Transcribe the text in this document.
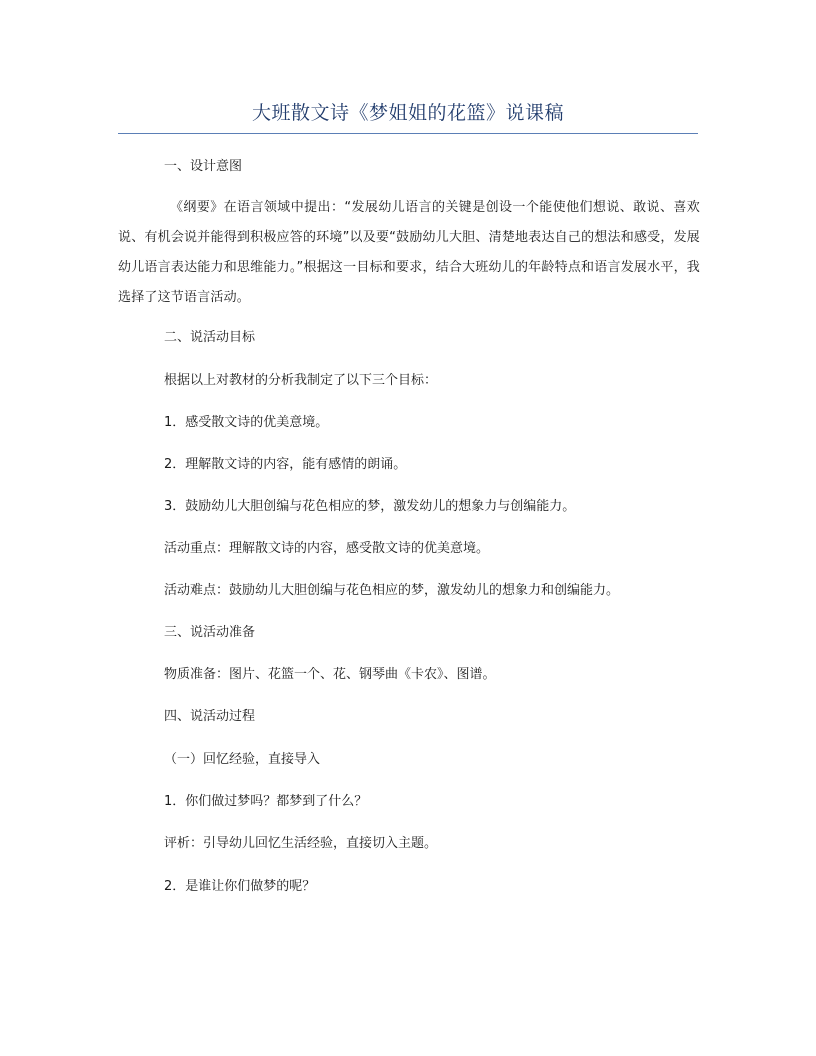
大班散文诗《梦姐姐的花篮》说课稿

一、设计意图

《纲要》在语言领域中提出：“发展幼儿语言的关键是创设一个能使他们想说、敢说、喜欢说、有机会说并能得到积极应答的环境”以及要“鼓励幼儿大胆、清楚地表达自己的想法和感受，发展幼儿语言表达能力和思维能力。”根据这一目标和要求，结合大班幼儿的年龄特点和语言发展水平，我选择了这节语言活动。

二、说活动目标

根据以上对教材的分析我制定了以下三个目标：

1．感受散文诗的优美意境。

2．理解散文诗的内容，能有感情的朗诵。

3．鼓励幼儿大胆创编与花色相应的梦，激发幼儿的想象力与创编能力。

活动重点：理解散文诗的内容，感受散文诗的优美意境。

活动难点：鼓励幼儿大胆创编与花色相应的梦，激发幼儿的想象力和创编能力。

三、说活动准备

物质准备：图片、花篮一个、花、钢琴曲《卡农》、图谱。

四、说活动过程

（一）回忆经验，直接导入

1．你们做过梦吗？都梦到了什么？

评析：引导幼儿回忆生活经验，直接切入主题。

2．是谁让你们做梦的呢？
